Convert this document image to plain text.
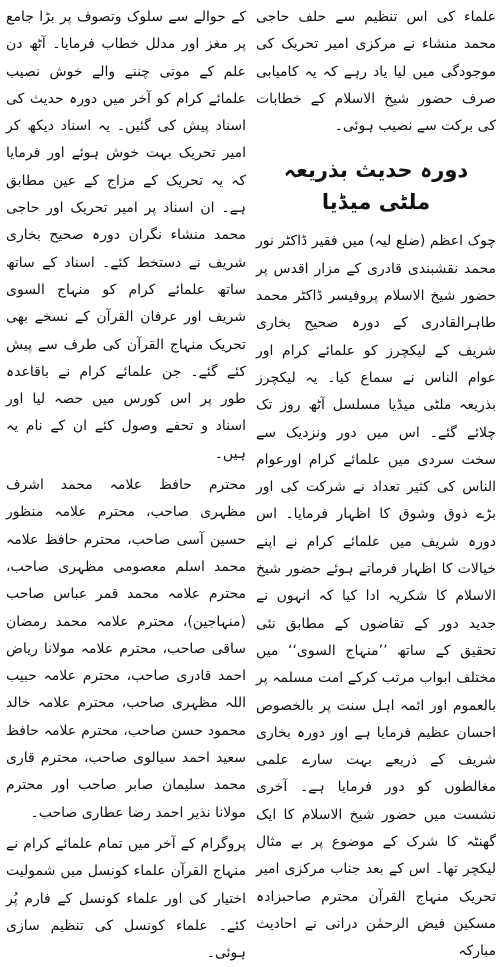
کے حوالے سے سلوک وتصوف پر بڑا جامع پر مغز اور مدلل خطاب فرمایا۔ آٹھ دن علم کے موتی چننے والے خوش نصیب علمائے کرام کو آخر میں دورہ حدیث کی اسناد پیش کی گئیں۔ یہ اسناد دیکھ کر امیر تحریک بہت خوش ہوئے اور فرمایا کہ یہ تحریک کے مزاج کے عین مطابق ہے۔ ان اسناد پر امیر تحریک اور حاجی محمد منشاء نگران دورہ صحیح بخاری شریف نے دستخط کئے۔ اسناد کے ساتھ ساتھ علمائے کرام کو منہاج السوی شریف اور عرفان القرآن کے نسخے بھی تحریک منہاج القرآن کی طرف سے پیش کئے گئے۔ جن علمائے کرام نے باقاعدہ طور پر اس کورس میں حصہ لیا اور اسناد و تحفے وصول کئے ان کے نام یہ ہیں۔

محترم حافظ علامہ محمد اشرف مظہری صاحب، محترم علامہ منظور حسین آسی صاحب، محترم حافظ علامہ محمد اسلم معصومی مظہری صاحب، محترم علامہ محمد قمر عباس صاحب (منہاجین)، محترم علامہ محمد رمضان ساقی صاحب، محترم علامہ مولانا ریاض احمد قادری صاحب، محترم علامہ حبیب اللہ مظہری صاحب، محترم علامہ خالد محمود حسن صاحب، محترم علامہ حافظ سعید احمد سیالوی صاحب، محترم قاری محمد سلیمان صابر صاحب اور محترم مولانا نذیر احمد رضا عطاری صاحب۔

پروگرام کے آخر میں تمام علمائے کرام نے منہاج القرآن علماء کونسل میں شمولیت اختیار کی اور علماء کونسل کے فارم پُر کئے۔ علماء کونسل کی تنظیم سازی ہوئی۔

علماء کی اس تنظیم سے حلف حاجی محمد منشاء نے مرکزی امیر تحریک کی موجودگی میں لیا یاد رہے کہ یہ کامیابی صرف حضور شیخ الاسلام کے خطابات کی برکت سے نصیب ہوئی۔

دورہ حدیث بذریعہ ملٹی میڈیا

چوک اعظم (ضلع لیہ) میں فقیر ڈاکٹر نور محمد نقشبندی قادری کے مزار اقدس پر حضور شیخ الاسلام پروفیسر ڈاکٹر محمد طاہرالقادری کے دورہ صحیح بخاری شریف کے لیکچرز کو علمائے کرام اور عوام الناس نے سماع کیا۔ یہ لیکچرز بذریعہ ملٹی میڈیا مسلسل آٹھ روز تک چلائے گئے۔ اس میں دور ونزدیک سے سخت سردی میں علمائے کرام اورعوام الناس کی کثیر تعداد نے شرکت کی اور بڑے ذوق وشوق کا اظہار فرمایا۔ اس دورہ شریف میں علمائے کرام نے اپنے خیالات کا اظہار فرماتے ہوئے حضور شیخ الاسلام کا شکریہ ادا کیا کہ انہوں نے جدید دور کے تقاضوں کے مطابق نئی تحقیق کے ساتھ ’’منہاج السوی‘‘ میں مختلف ابواب مرتب کرکے امت مسلمہ پر بالعموم اور ائمہ اہل سنت پر بالخصوص احسان عظیم فرمایا ہے اور دورہ بخاری شریف کے ذریعے بہت سارے علمی مغالطوں کو دور فرمایا ہے۔ آخری نشست میں حضور شیخ الاسلام کا ایک گھنٹہ کا شرک کے موضوع پر بے مثال لیکچر تھا۔ اس کے بعد جناب مرکزی امیر تحریک منہاج القرآن محترم صاحبزادہ مسکین فیض الرحمٰن درانی نے احادیث مبارکہ
